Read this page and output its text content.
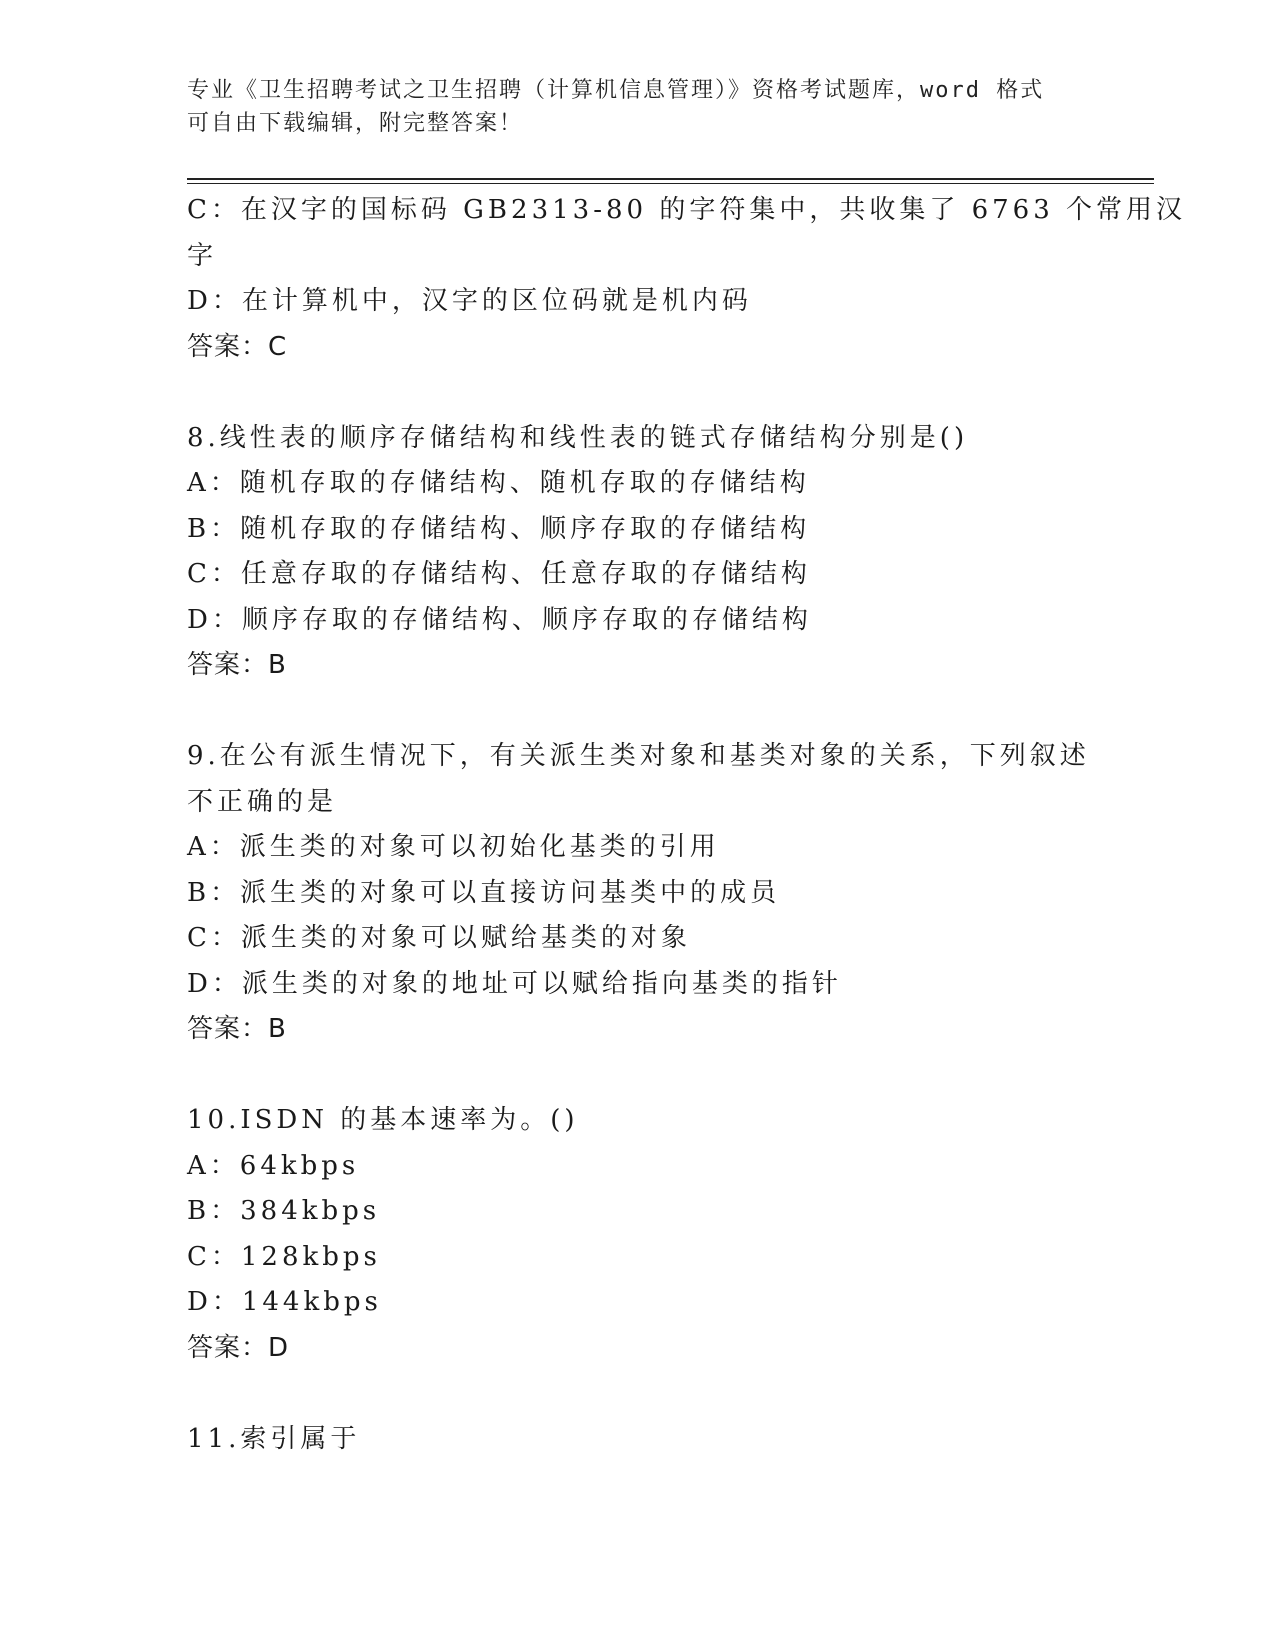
专业《卫生招聘考试之卫生招聘（计算机信息管理）》资格考试题库，word 格式

可自由下载编辑，附完整答案！

C：在汉字的国标码 GB2313-80 的字符集中，共收集了 6763 个常用汉
字
D：在计算机中，汉字的区位码就是机内码
答案：C
8.线性表的顺序存储结构和线性表的链式存储结构分别是()
A：随机存取的存储结构、随机存取的存储结构
B：随机存取的存储结构、顺序存取的存储结构
C：任意存取的存储结构、任意存取的存储结构
D：顺序存取的存储结构、顺序存取的存储结构
答案：B
9.在公有派生情况下，有关派生类对象和基类对象的关系，下列叙述
不正确的是
A：派生类的对象可以初始化基类的引用
B：派生类的对象可以直接访问基类中的成员
C：派生类的对象可以赋给基类的对象
D：派生类的对象的地址可以赋给指向基类的指针
答案：B
10.ISDN 的基本速率为。()
A：64kbps
B：384kbps
C：128kbps
D：144kbps
答案：D
11.索引属于
